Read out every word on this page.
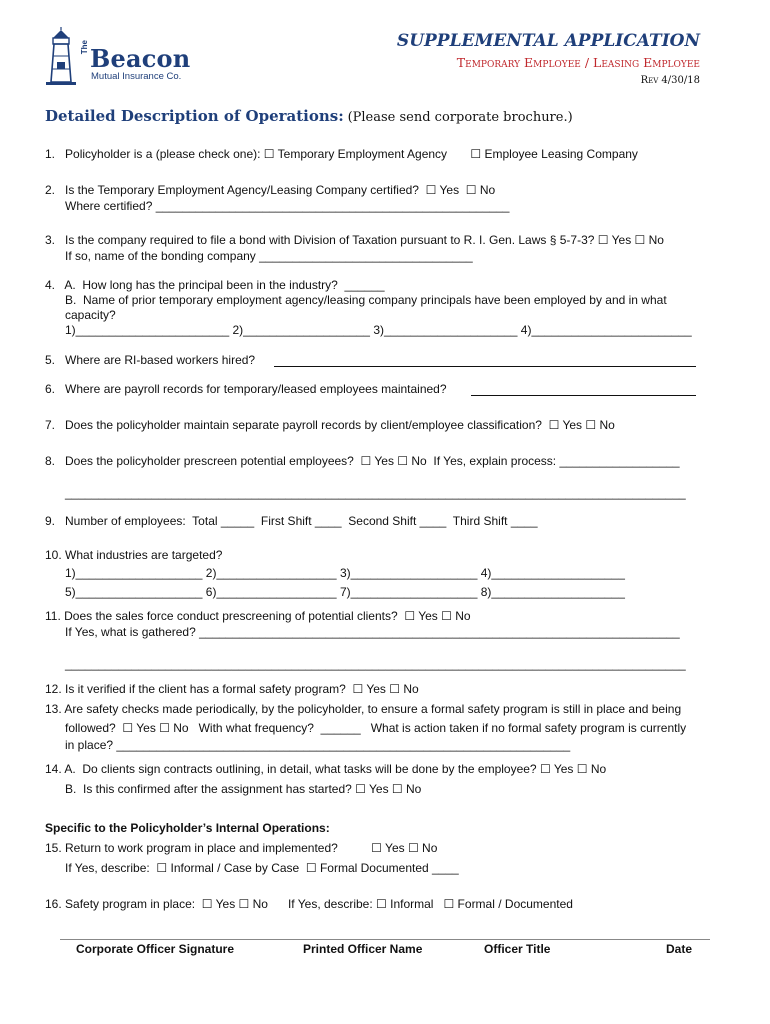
The Beacon
Mutual Insurance Co.
SUPPLEMENTAL APPLICATION
Temporary Employee / Leasing Employee
Rev 4/30/18
Detailed Description of Operations: (Please send corporate brochure.)
1.   Policyholder is a (please check one): ☐ Temporary Employment Agency       ☐ Employee Leasing Company
2.   Is the Temporary Employment Agency/Leasing Company certified?  ☐ Yes  ☐ No
Where certified? _____________________________________________________
3.   Is the company required to file a bond with Division of Taxation pursuant to R. I. Gen. Laws § 5-7-3? ☐ Yes ☐ No
If so, name of the bonding company ________________________________
4.   A.  How long has the principal been in the industry?  ______
B.  Name of prior temporary employment agency/leasing company principals have been employed by and in what
capacity?
1)_______________________ 2)___________________ 3)____________________ 4)________________________
5.   Where are RI-based workers hired?
6.   Where are payroll records for temporary/leased employees maintained?
7.   Does the policyholder maintain separate payroll records by client/employee classification?  ☐ Yes ☐ No
8.   Does the policyholder prescreen potential employees?  ☐ Yes ☐ No  If Yes, explain process: __________________
_____________________________________________________________________________________________
9.   Number of employees:  Total _____  First Shift ____  Second Shift ____  Third Shift ____
10. What industries are targeted?
1)___________________ 2)__________________ 3)___________________ 4)____________________
5)___________________ 6)__________________ 7)___________________ 8)____________________
11. Does the sales force conduct prescreening of potential clients?  ☐ Yes ☐ No
If Yes, what is gathered? ________________________________________________________________________
_____________________________________________________________________________________________
12. Is it verified if the client has a formal safety program?  ☐ Yes ☐ No
13. Are safety checks made periodically, by the policyholder, to ensure a formal safety program is still in place and being
followed?  ☐ Yes ☐ No   With what frequency?  ______   What is action taken if no formal safety program is currently
in place? ____________________________________________________________________
14. A.  Do clients sign contracts outlining, in detail, what tasks will be done by the employee? ☐ Yes ☐ No
B.  Is this confirmed after the assignment has started? ☐ Yes ☐ No
Specific to the Policyholder’s Internal Operations:
15. Return to work program in place and implemented?          ☐ Yes ☐ No
If Yes, describe:  ☐ Informal / Case by Case  ☐ Formal Documented ____
16. Safety program in place:  ☐ Yes ☐ No      If Yes, describe: ☐ Informal   ☐ Formal / Documented
Corporate Officer Signature	Printed Officer Name	Officer Title	Date
